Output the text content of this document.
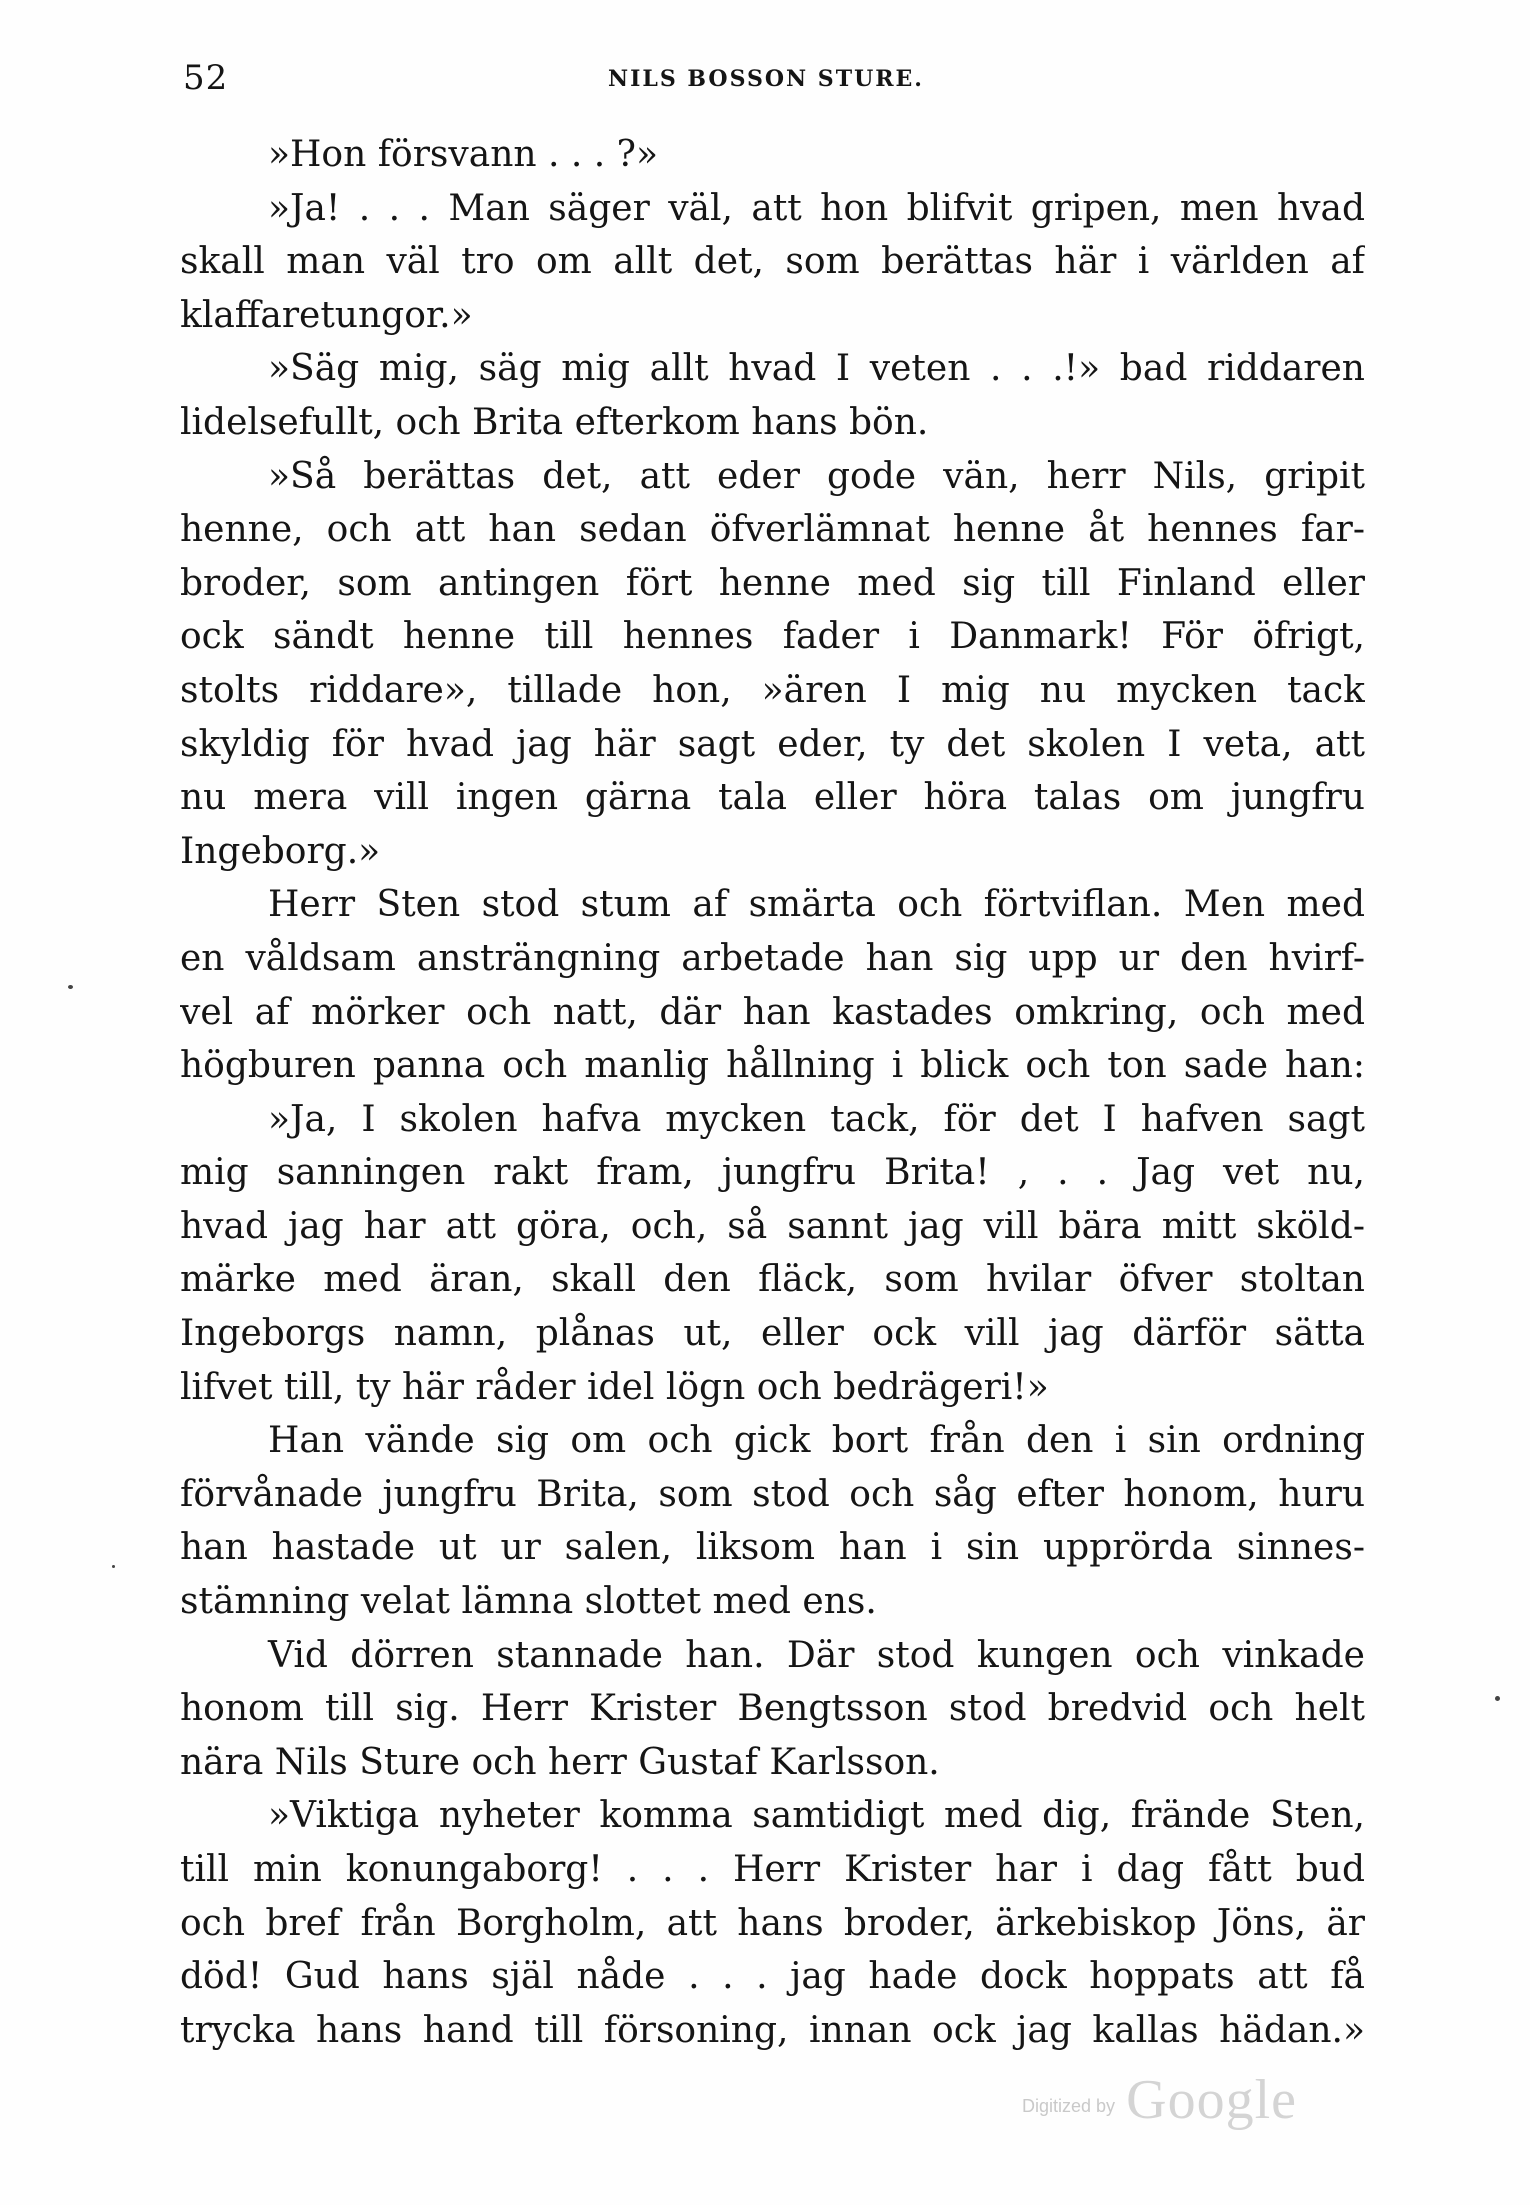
52	NILS BOSSON STURE.
»Hon försvann . . . ?»
»Ja! . . . Man säger väl, att hon blifvit gripen, men hvad
skall man väl tro om allt det, som berättas här i världen af
klaffaretungor.»
»Säg mig, säg mig allt hvad I veten . . .!» bad riddaren
lidelsefullt, och Brita efterkom hans bön.
»Så berättas det, att eder gode vän, herr Nils, gripit
henne, och att han sedan öfverlämnat henne åt hennes far-
broder, som antingen fört henne med sig till Finland eller
ock sändt henne till hennes fader i Danmark! För öfrigt,
stolts riddare», tillade hon, »ären I mig nu mycken tack
skyldig för hvad jag här sagt eder, ty det skolen I veta, att
nu mera vill ingen gärna tala eller höra talas om jungfru
Ingeborg.»
Herr Sten stod stum af smärta och förtviflan. Men med
en våldsam ansträngning arbetade han sig upp ur den hvirf-
vel af mörker och natt, där han kastades omkring, och med
högburen panna och manlig hållning i blick och ton sade han:
»Ja, I skolen hafva mycken tack, för det I hafven sagt
mig sanningen rakt fram, jungfru Brita! , . . Jag vet nu,
hvad jag har att göra, och, så sannt jag vill bära mitt sköld-
märke med äran, skall den fläck, som hvilar öfver stoltan
Ingeborgs namn, plånas ut, eller ock vill jag därför sätta
lifvet till, ty här råder idel lögn och bedrägeri!»
Han vände sig om och gick bort från den i sin ordning
förvånade jungfru Brita, som stod och såg efter honom, huru
han hastade ut ur salen, liksom han i sin upprörda sinnes-
stämning velat lämna slottet med ens.
Vid dörren stannade han. Där stod kungen och vinkade
honom till sig. Herr Krister Bengtsson stod bredvid och helt
nära Nils Sture och herr Gustaf Karlsson.
»Viktiga nyheter komma samtidigt med dig, frände Sten,
till min konungaborg! . . . Herr Krister har i dag fått bud
och bref från Borgholm, att hans broder, ärkebiskop Jöns, är
död! Gud hans själ nåde . . . jag hade dock hoppats att få
trycka hans hand till försoning, innan ock jag kallas hädan.»
Digitized by Google
